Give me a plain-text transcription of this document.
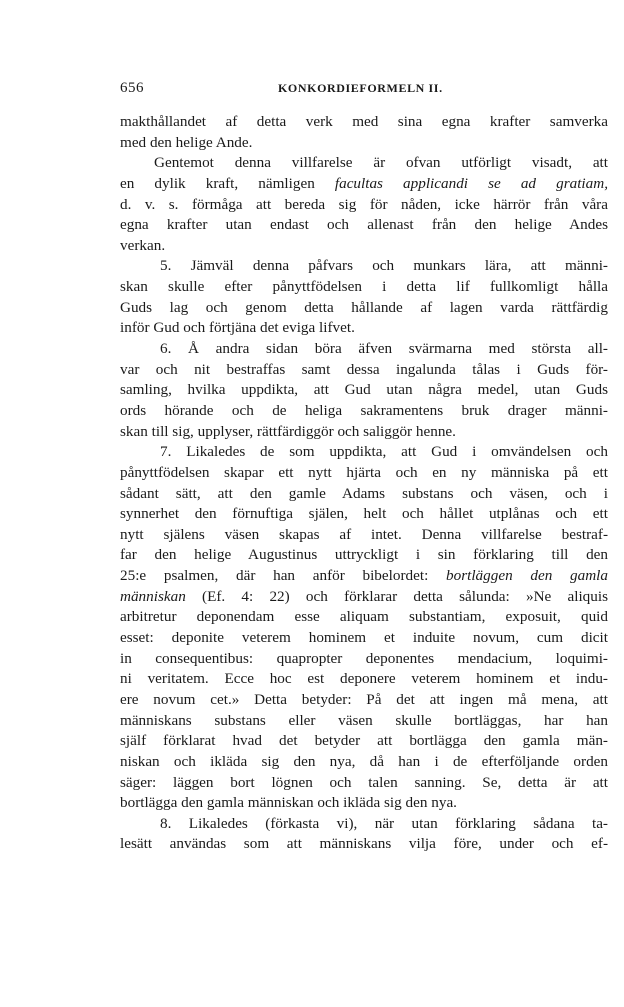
656	KONKORDIEFORMELN II.
makthållandet af detta verk med sina egna krafter samverka
med den helige Ande.
Gentemot denna villfarelse är ofvan utförligt visadt, att
en dylik kraft, nämligen facultas applicandi se ad gratiam,
d. v. s. förmåga att bereda sig för nåden, icke härrör från våra
egna krafter utan endast och allenast från den helige Andes
verkan.
5. Jämväl denna påfvars och munkars lära, att männi-
skan skulle efter pånyttfödelsen i detta lif fullkomligt hålla
Guds lag och genom detta hållande af lagen varda rättfärdig
inför Gud och förtjäna det eviga lifvet.
6. Å andra sidan böra äfven svärmarna med största all-
var och nit bestraffas samt dessa ingalunda tålas i Guds för-
samling, hvilka uppdikta, att Gud utan några medel, utan Guds
ords hörande och de heliga sakramentens bruk drager männi-
skan till sig, upplyser, rättfärdiggör och saliggör henne.
7. Likaledes de som uppdikta, att Gud i omvändelsen och
pånyttfödelsen skapar ett nytt hjärta och en ny människa på ett
sådant sätt, att den gamle Adams substans och väsen, och i
synnerhet den förnuftiga själen, helt och hållet utplånas och ett
nytt själens väsen skapas af intet. Denna villfarelse bestraf-
far den helige Augustinus uttryckligt i sin förklaring till den
25:e psalmen, där han anför bibelordet: bortläggen den gamla
människan (Ef. 4: 22) och förklarar detta sålunda: »Ne aliquis
arbitretur deponendam esse aliquam substantiam, exposuit, quid
esset: deponite veterem hominem et induite novum, cum dicit
in consequentibus: quapropter deponentes mendacium, loquimi-
ni veritatem. Ecce hoc est deponere veterem hominem et indu-
ere novum cet.» Detta betyder: På det att ingen må mena, att
människans substans eller väsen skulle bortläggas, har han
själf förklarat hvad det betyder att bortlägga den gamla män-
niskan och ikläda sig den nya, då han i de efterföljande orden
säger: läggen bort lögnen och talen sanning. Se, detta är att
bortlägga den gamla människan och ikläda sig den nya.
8. Likaledes (förkasta vi), när utan förklaring sådana ta-
lesätt användas som att människans vilja före, under och ef-
